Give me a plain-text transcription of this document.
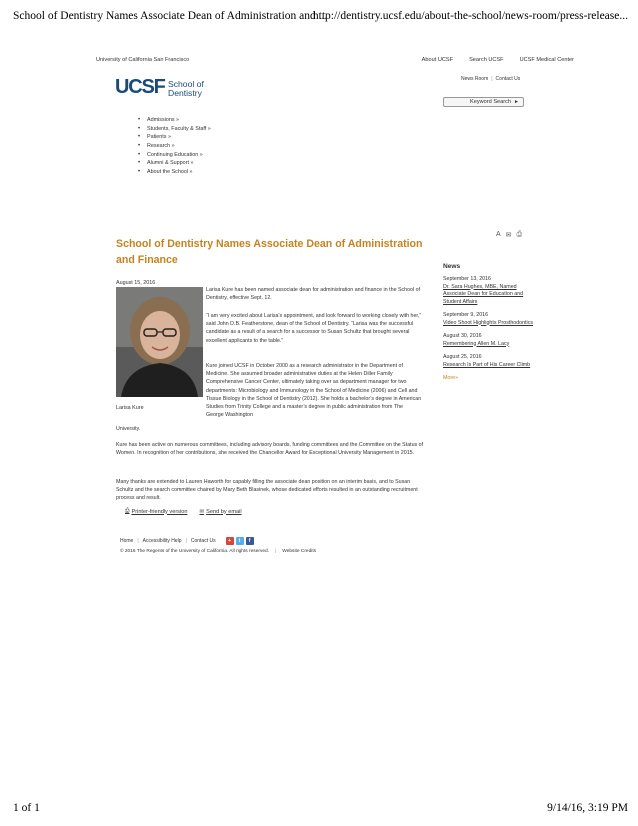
School of Dentistry Names Associate Dean of Administration and ...
http://dentistry.ucsf.edu/about-the-school/news-room/press-release...
University of California San Francisco	About UCSF	Search UCSF	UCSF Medical Center
UCSF School of
Dentistry
News Room | Contact Us
Keyword Search ►
• Admissions »
• Students, Faculty & Staff »
• Patients »
• Research »
• Continuing Education »
• Alumni & Support »
• About the School »
A ✉ ⎙
School of Dentistry Names Associate Dean of Administration and Finance
August 15, 2016
Larisa Kure

Larisa Kure has been named associate dean for administration and finance in the School of Dentistry, effective Sept. 12.

“I am very excited about Larisa’s appointment, and look forward to working closely with her,” said John D.B. Featherstone, dean of the School of Dentistry. “Larisa was the successful candidate as a result of a search for a successor to Susan Schultz that brought several excellent applicants to the table.”

Kure joined UCSF in October 2000 as a research administrator in the Department of Medicine. She assumed broader administrative duties at the Helen Diller Family Comprehensive Cancer Center, ultimately taking over as department manager for two departments: Microbiology and Immunology in the School of Medicine (2006) and Cell and Tissue Biology in the School of Dentistry (2012). She holds a bachelor’s degree in American Studies from Trinity College and a master’s degree in public administration from The George Washington

University.

Kure has been active on numerous committees, including advisory boards, funding committees and the Committee on the Status of Women. In recognition of her contributions, she received the Chancellor Award for Exceptional University Management in 2015.

⎙ Printer-friendly version ✉ Send by email
Home | Accessibility Help | Contact Us	+	t	f
© 2016 The Regents of the University of California. All rights reserved. | Website Credits
News
September 13, 2016
Dr. Sara Hughes, MBE, Named Associate Dean for Education and Student Affairs
September 9, 2016
Video Shoot Highlights Prosthodontics
August 30, 2016
Remembering Allen M. Lacy
August 25, 2016
Research Is Part of His Career Climb
More»
1 of 1	9/14/16, 3:19 PM

Many thanks are extended to Lauren Haworth for capably filling the associate dean position on an interim basis, and to Susan Schultz and the search committee chaired by Mary Beth Blasinek, whose dedicated efforts resulted in an outstanding recruitment process and result.
